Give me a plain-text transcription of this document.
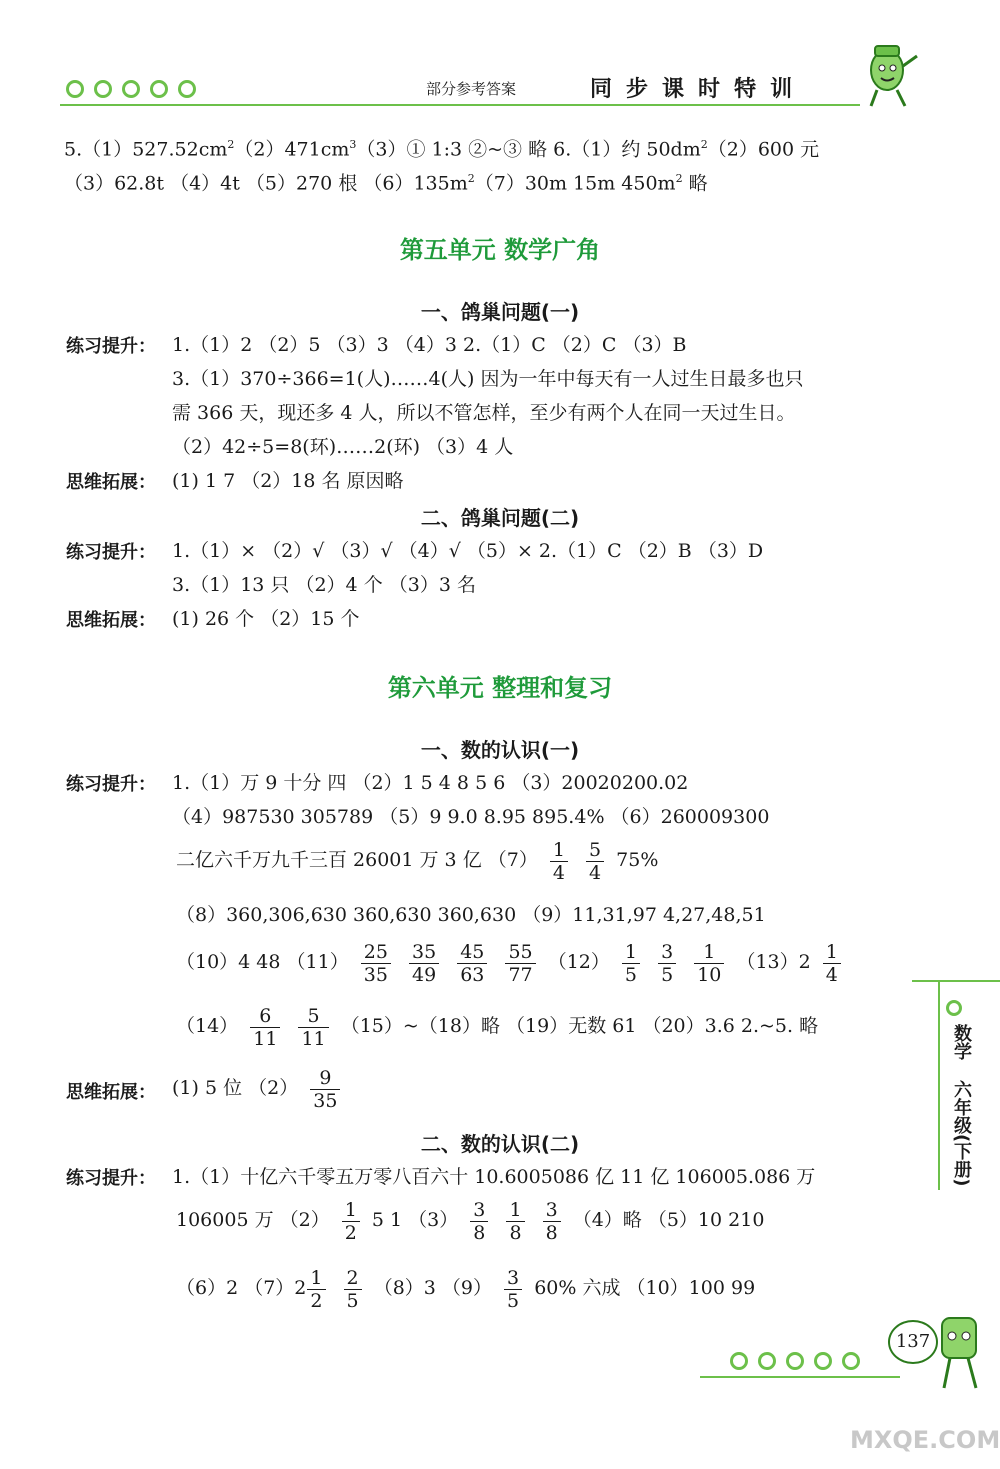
部分参考答案	同 步 课 时 特 训
$5.(1)527.52cm^2(2)471cm^3(3)①$ 1:3 ②~③ 略 6.（1）约 $50dm^2(2)600$ 元
（3）62.8t （4）4t （5）270 根 $(6)135m^2(7)30m$ 15m $450m^2$ 略
第五单元 数学广角
一、鸽巢问题(一)
练习提升： 1.（1）2 （2）5 （3）3 （4）3 2.（1）C （2）C （3）B
3.（1）370÷366=1(人)……4(人) 因为一年中每天有一人过生日最多也只
需 366 天，现还多 4 人，所以不管怎样，至少有两个人在同一天过生日。
（2）42÷5=8(环)……2(环) （3）4 人
思维拓展： (1) 1 7 （2）18 名 原因略
二、鸽巢问题(二)
练习提升： 1.（1）× （2）√ （3）√ （4）√ （5）× 2.（1）C （2）B （3）D
3.（1）13 只 （2）4 个 （3）3 名
思维拓展： (1) 26 个 （2）15 个
第六单元 整理和复习
一、数的认识(一)
练习提升： 1.（1）万 9 十分 四 （2）1 5 4 8 5 6 （3）20020200.02
（4）987530 305789 （5）9 9.0 8.95 895.4% （6）260009300
二亿六千万九千三百 26001 万 3 亿 $(7) \frac{1}{4}$
$\frac{5}{4} 75\%$
（8）360,306,630 360,630 360,630 （9）11,31,97 4,27,48,51
（10）4 48 $(11) \frac{25}{35}$
$\frac{35}{49}$
$\frac{45}{63}$
$\frac{55}{77} (12) \frac{1}{5}$
$\frac{3}{5}$
$\frac{1}{10} (13)2 \frac{1}{4}$
$(14) \frac{6}{11}$
$\frac{5}{11}$ （15）~（18）略 （19）无数 61 （20）3.6 2.~5. 略
思维拓展： (1) 5 位 $(2) \frac{9}{35}$
二、数的认识(二)
练习提升： 1.（1）十亿六千零五万零八百六十 10.6005086 亿 11 亿 106005.086 万
106005 万 $(2) \frac{1}{2} 5$ 1 $(3) \frac{3}{8}$
$\frac{1}{8}$
$\frac{3}{8} (4)$略 （5）10 210
（6）2 $(7)2 \frac{1}{2}$
$\frac{2}{5} (8)3$ $(9) \frac{3}{5} 60\%$ 六成 （10）100 99
数学
六年级(下册)
137
MXQE.COM
